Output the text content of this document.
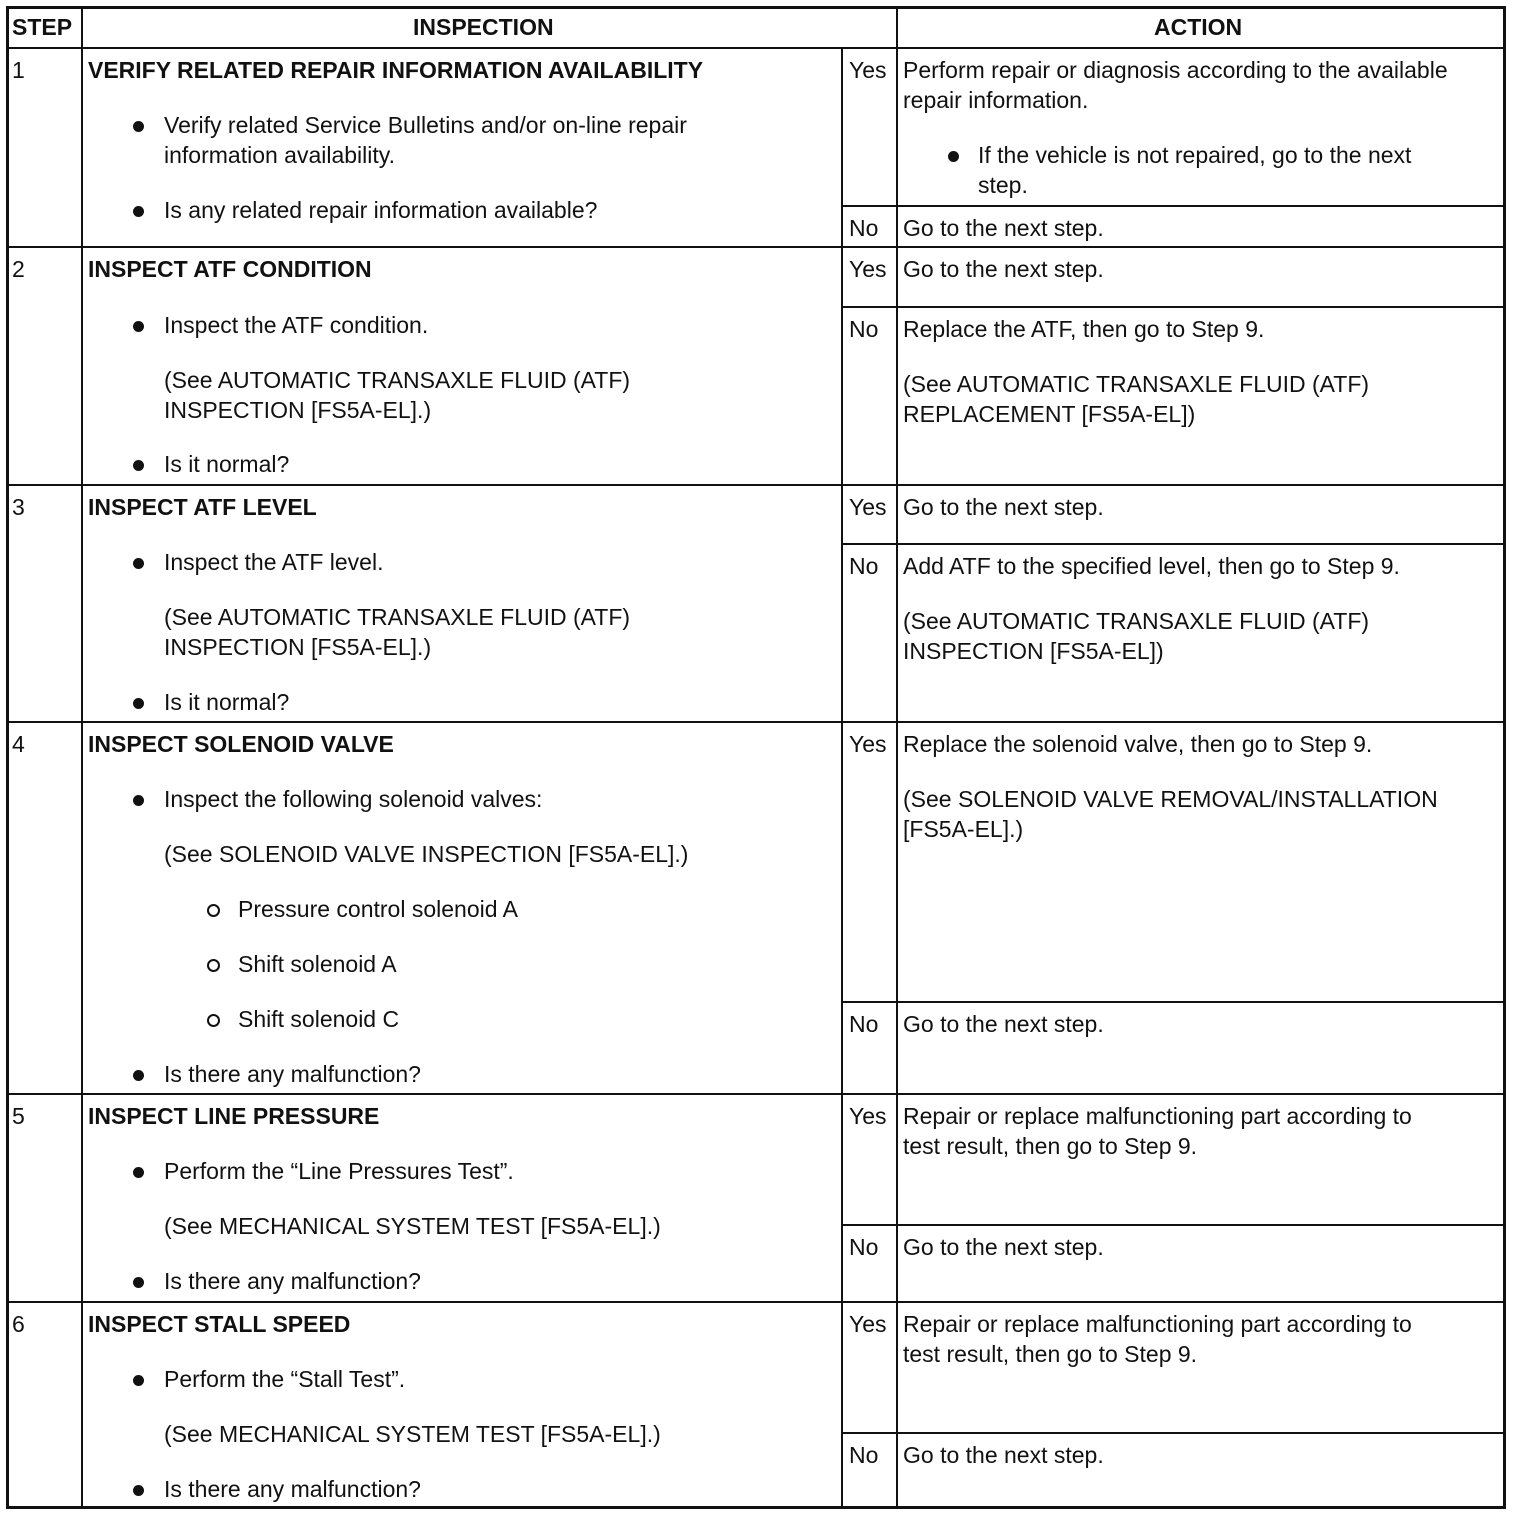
STEP	INSPECTION	ACTION
1	VERIFY RELATED REPAIR INFORMATION AVAILABILITY
Verify related Service Bulletins and/or on-line repair
information availability.
Is any related repair information available?
Yes Perform repair or diagnosis according to the available
repair information.
If the vehicle is not repaired, go to the next
step.
No Go to the next step.
2	INSPECT ATF CONDITION
Inspect the ATF condition.
(See AUTOMATIC TRANSAXLE FLUID (ATF)
INSPECTION [FS5A-EL].)
Is it normal?
Yes Go to the next step.
No Replace the ATF, then go to Step 9.
(See AUTOMATIC TRANSAXLE FLUID (ATF)
REPLACEMENT [FS5A-EL])
3	INSPECT ATF LEVEL
Inspect the ATF level.
(See AUTOMATIC TRANSAXLE FLUID (ATF)
INSPECTION [FS5A-EL].)
Is it normal?
Yes Go to the next step.
No Add ATF to the specified level, then go to Step 9.
(See AUTOMATIC TRANSAXLE FLUID (ATF)
INSPECTION [FS5A-EL])
4	INSPECT SOLENOID VALVE
Inspect the following solenoid valves:
(See SOLENOID VALVE INSPECTION [FS5A-EL].)
Pressure control solenoid A
Shift solenoid A
Shift solenoid C
Is there any malfunction?
Yes Replace the solenoid valve, then go to Step 9.
(See SOLENOID VALVE REMOVAL/INSTALLATION
[FS5A-EL].)
No Go to the next step.
5	INSPECT LINE PRESSURE
Perform the “Line Pressures Test”.
(See MECHANICAL SYSTEM TEST [FS5A-EL].)
Is there any malfunction?
Yes Repair or replace malfunctioning part according to
test result, then go to Step 9.
No Go to the next step.
6	INSPECT STALL SPEED
Perform the “Stall Test”.
(See MECHANICAL SYSTEM TEST [FS5A-EL].)
Is there any malfunction?
Yes Repair or replace malfunctioning part according to
test result, then go to Step 9.
No Go to the next step.
